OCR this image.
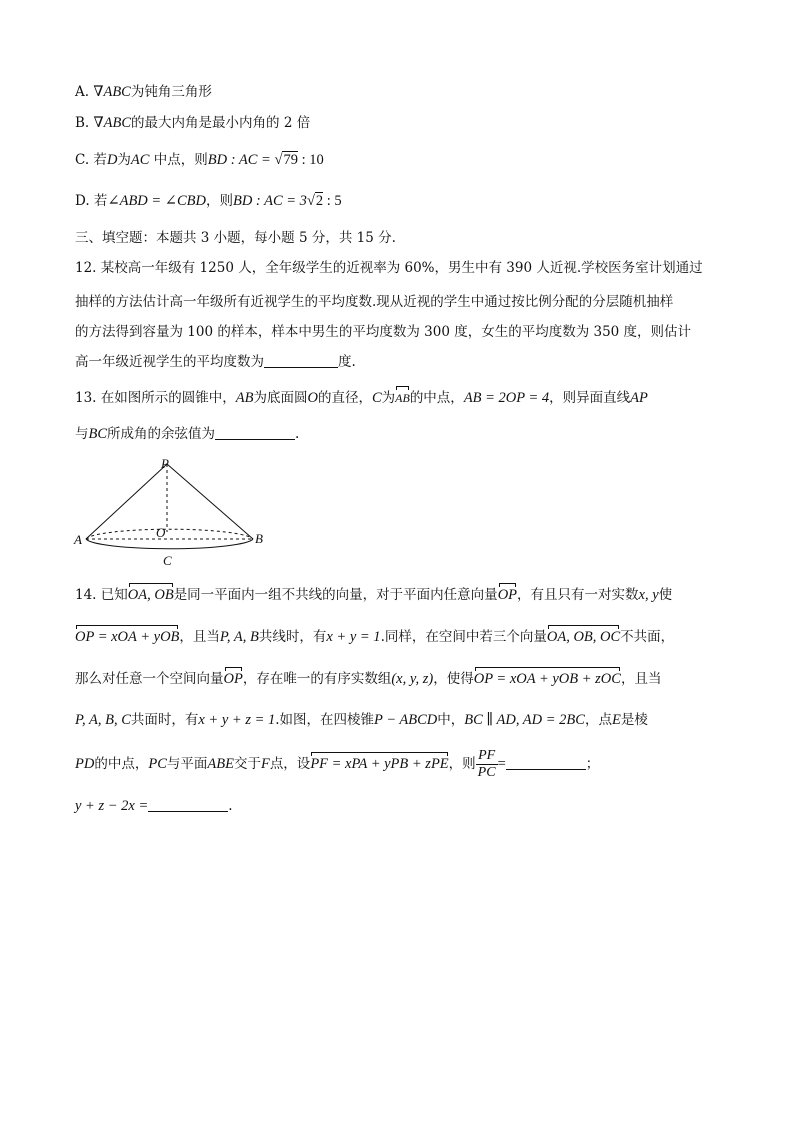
A. ∇ABC为钝角三角形
B. ∇ABC的最大内角是最小内角的 2 倍
C. 若D为AC 中点，则BD : AC = √79 : 10
D. 若∠ABD = ∠CBD，则BD : AC = 3√2 : 5
三、填空题：本题共 3 小题，每小题 5 分，共 15 分.
12. 某校高一年级有 1250 人，全年级学生的近视率为 60%，男生中有 390 人近视.学校医务室计划通过
抽样的方法估计高一年级所有近视学生的平均度数.现从近视的学生中通过按比例分配的分层随机抽样
的方法得到容量为 100 的样本，样本中男生的平均度数为 300 度，女生的平均度数为 350 度，则估计
高一年级近视学生的平均度数为	度.
13. 在如图所示的圆锥中，AB为底面圆O的直径，C为AB的中点，AB = 2OP = 4，则异面直线AP
与BC所成角的余弦值为	.
P
O
A	B
C
14. 已知OA, OB是同一平面内一组不共线的向量，对于平面内任意向量OP，有且只有一对实数x, y使
OP = xOA + yOB，且当P, A, B共线时，有x + y = 1.同样，在空间中若三个向量OA, OB, OC不共面，
那么对任意一个空间向量OP，存在唯一的有序实数组(x, y, z)，使得OP = xOA + yOB + zOC，且当
P, A, B, C共面时，有x + y + z = 1.如图，在四棱锥P − ABCD中，BC ∥ AD, AD = 2BC，点E是棱
PD的中点，PC与平面ABE交于F点，设PF = xPA + yPB + zPE，则 $\frac{PF}{PC}$ =	；
y + z − 2x =	.
